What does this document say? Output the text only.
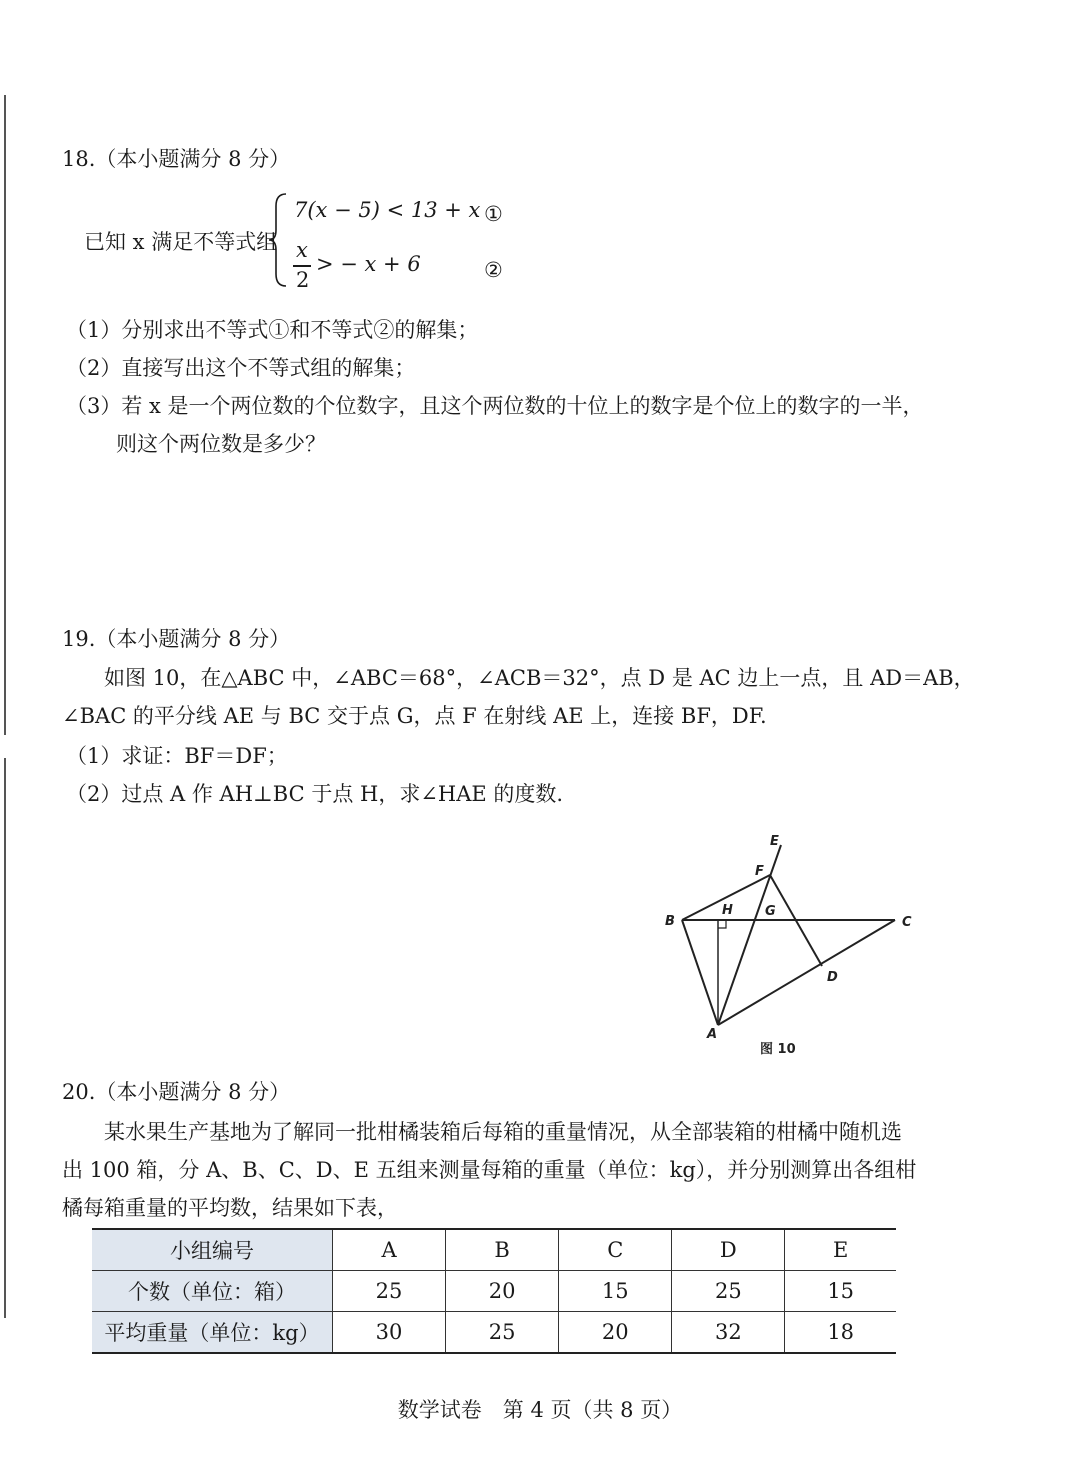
18.（本小题满分 8 分）
已知 x 满足不等式组
7(x − 5) < 13 + x ①
x
2
> − x + 6	②
（1）分别求出不等式①和不等式②的解集；
（2）直接写出这个不等式组的解集；
（3）若 x 是一个两位数的个位数字，且这个两位数的十位上的数字是个位上的数字的一半，
则这个两位数是多少？
19.（本小题满分 8 分）
如图 10，在△ABC 中，∠ABC＝68°，∠ACB＝32°，点 D 是 AC 边上一点，且 AD＝AB，
∠BAC 的平分线 AE 与 BC 交于点 G，点 F 在射线 AE 上，连接 BF，DF.
（1）求证：BF＝DF；
（2）过点 A 作 AH⊥BC 于点 H，求∠HAE 的度数.
E
F
B
H G
C
D
A
图 10
20.（本小题满分 8 分）
某水果生产基地为了解同一批柑橘装箱后每箱的重量情况，从全部装箱的柑橘中随机选
出 100 箱，分 A、B、C、D、E 五组来测量每箱的重量（单位：kg），并分别测算出各组柑
橘每箱重量的平均数，结果如下表，
小组编号	A	B	C	D	E
个数（单位：箱）	25	20	15	25	15
平均重量（单位：kg）	30	25	20	32	18
数学试卷　第 4 页（共 8 页）
